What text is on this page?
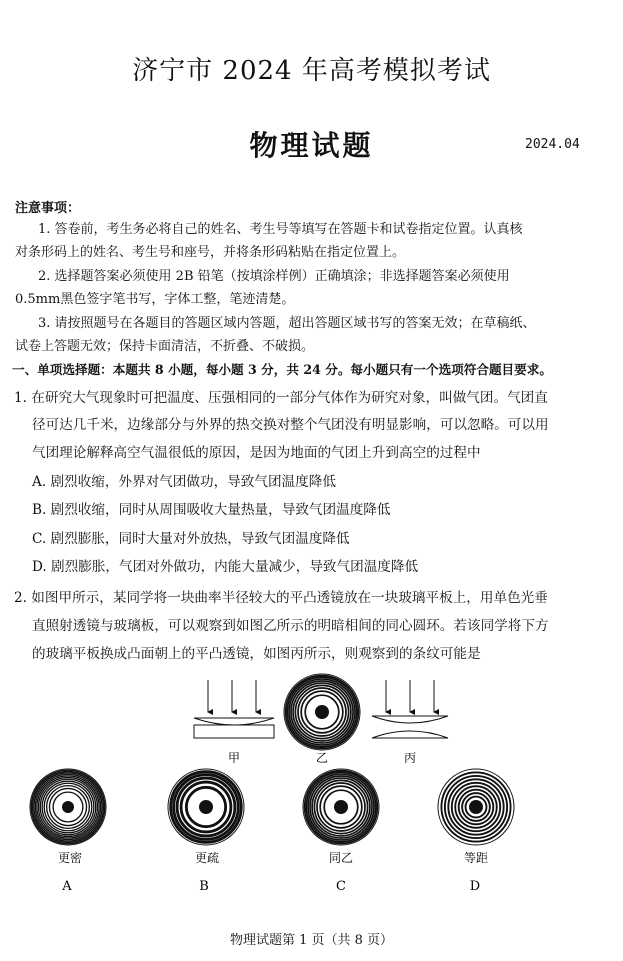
济宁市 2024 年高考模拟考试
物理试题	2024.04
注意事项：
1. 答卷前，考生务必将自己的姓名、考生号等填写在答题卡和试卷指定位置。认真核
对条形码上的姓名、考生号和座号，并将条形码粘贴在指定位置上。
2. 选择题答案必须使用 2B 铅笔（按填涂样例）正确填涂；非选择题答案必须使用
0.5mm黑色签字笔书写，字体工整，笔迹清楚。
3. 请按照题号在各题目的答题区域内答题，超出答题区域书写的答案无效；在草稿纸、
试卷上答题无效；保持卡面清洁，不折叠、不破损。
一、单项选择题：本题共 8 小题，每小题 3 分，共 24 分。每小题只有一个选项符合题目要求。
1. 在研究大气现象时可把温度、压强相同的一部分气体作为研究对象，叫做气团。气团直
径可达几千米，边缘部分与外界的热交换对整个气团没有明显影响，可以忽略。可以用
气团理论解释高空气温很低的原因，是因为地面的气团上升到高空的过程中
A. 剧烈收缩，外界对气团做功，导致气团温度降低
B. 剧烈收缩，同时从周围吸收大量热量，导致气团温度降低
C. 剧烈膨胀，同时大量对外放热，导致气团温度降低
D. 剧烈膨胀，气团对外做功，内能大量减少，导致气团温度降低
2. 如图甲所示，某同学将一块曲率半径较大的平凸透镜放在一块玻璃平板上，用单色光垂
直照射透镜与玻璃板，可以观察到如图乙所示的明暗相间的同心圆环。若该同学将下方
的玻璃平板换成凸面朝上的平凸透镜，如图丙所示，则观察到的条纹可能是
甲	乙	丙
更密	更疏	同乙	等距
A	B	C	D
物理试题第 1 页（共 8 页）
